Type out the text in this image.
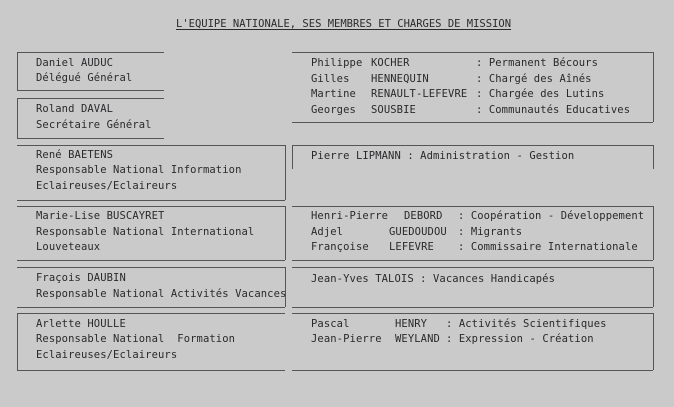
L'EQUIPE NATIONALE, SES MEMBRES ET CHARGES DE MISSION
Daniel AUDUC
Délégué Général
Roland DAVAL
Secrétaire Général
René BAETENS
Responsable National Information
Eclaireuses/Eclaireurs
Marie-Lise BUSCAYRET
Responsable National International
Louveteaux
Fraçois DAUBIN
Responsable National Activités Vacances
Arlette HOULLE
Responsable National  Formation
Eclaireuses/Eclaireurs
Philippe KOCHER	: Permanent Bécours
Gilles HENNEQUIN	: Chargé des Aînés
Martine RENAULT-LEFEVRE : Chargée des Lutins
Georges SOUSBIE	: Communautés Educatives
Pierre LIPMANN : Administration - Gestion
Henri-Pierre DEBORD : Coopération - Développement
Adjel	GUEDOUDOU : Migrants
Françoise LEFEVRE : Commissaire Internationale
Jean-Yves TALOIS : Vacances Handicapés
Pascal	HENRY : Activités Scientifiques
Jean-Pierre WEYLAND : Expression - Création
